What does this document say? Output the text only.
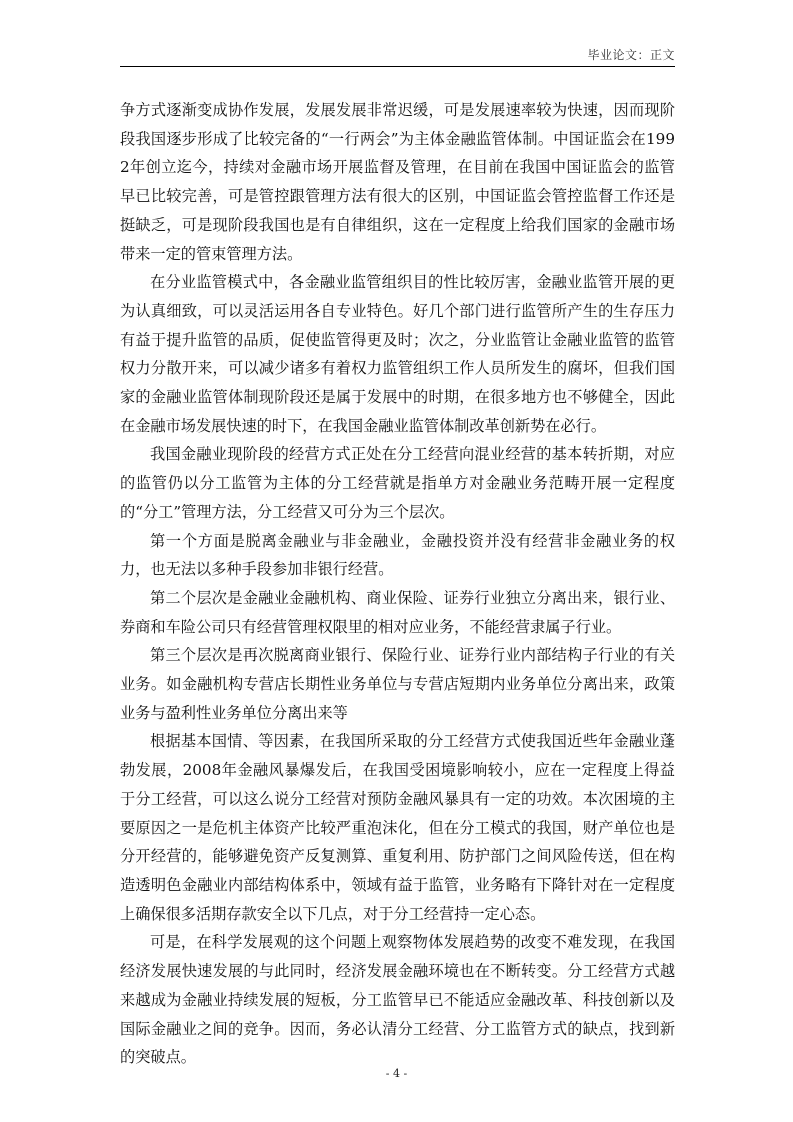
毕业论文：正文

争方式逐渐变成协作发展，发展发展非常迟缓，可是发展速率较为快速，因而现阶段我国逐步形成了比较完备的“一行两会”为主体金融监管体制。中国证监会在1992年创立迄今，持续对金融市场开展监督及管理，在目前在我国中国证监会的监管早已比较完善，可是管控跟管理方法有很大的区别，中国证监会管控监督工作还是挺缺乏，可是现阶段我国也是有自律组织，这在一定程度上给我们国家的金融市场带来一定的管束管理方法。

在分业监管模式中，各金融业监管组织目的性比较厉害，金融业监管开展的更为认真细致，可以灵活运用各自专业特色。好几个部门进行监管所产生的生存压力有益于提升监管的品质，促使监管得更及时；次之，分业监管让金融业监管的监管权力分散开来，可以减少诸多有着权力监管组织工作人员所发生的腐坏，但我们国家的金融业监管体制现阶段还是属于发展中的时期，在很多地方也不够健全，因此在金融市场发展快速的时下，在我国金融业监管体制改革创新势在必行。

我国金融业现阶段的经营方式正处在分工经营向混业经营的基本转折期，对应的监管仍以分工监管为主体的分工经营就是指单方对金融业务范畴开展一定程度的“分工”管理方法，分工经营又可分为三个层次。

第一个方面是脱离金融业与非金融业，金融投资并没有经营非金融业务的权力，也无法以多种手段参加非银行经营。

第二个层次是金融业金融机构、商业保险、证券行业独立分离出来，银行业、券商和车险公司只有经营管理权限里的相对应业务，不能经营隶属子行业。

第三个层次是再次脱离商业银行、保险行业、证券行业内部结构子行业的有关业务。如金融机构专营店长期性业务单位与专营店短期内业务单位分离出来，政策业务与盈利性业务单位分离出来等

根据基本国情、等因素，在我国所采取的分工经营方式使我国近些年金融业蓬勃发展，2008年金融风暴爆发后，在我国受困境影响较小，应在一定程度上得益于分工经营，可以这么说分工经营对预防金融风暴具有一定的功效。本次困境的主要原因之一是危机主体资产比较严重泡沫化，但在分工模式的我国，财产单位也是分开经营的，能够避免资产反复测算、重复利用、防护部门之间风险传送，但在构造透明色金融业内部结构体系中，领域有益于监管，业务略有下降针对在一定程度上确保很多活期存款安全以下几点，对于分工经营持一定心态。

可是，在科学发展观的这个问题上观察物体发展趋势的改变不难发现，在我国经济发展快速发展的与此同时，经济发展金融环境也在不断转变。分工经营方式越来越成为金融业持续发展的短板，分工监管早已不能适应金融改革、科技创新以及国际金融业之间的竞争。因而，务必认清分工经营、分工监管方式的缺点，找到新的突破点。

- 4 -
